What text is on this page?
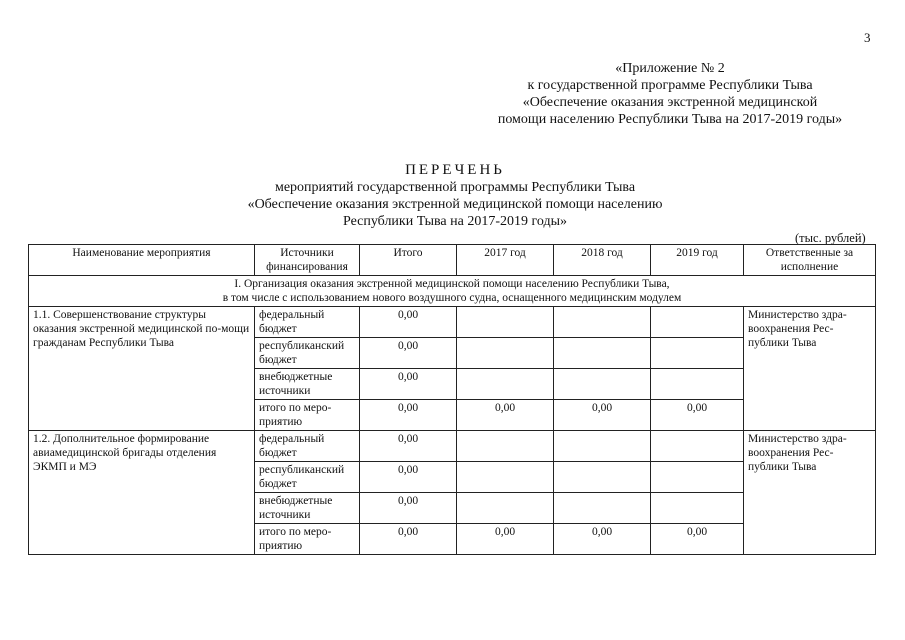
3
«Приложение № 2
к государственной программе Республики Тыва
«Обеспечение оказания экстренной медицинской
помощи населению Республики Тыва на 2017-2019 годы»
ПЕРЕЧЕНЬ
мероприятий государственной программы Республики Тыва
«Обеспечение оказания экстренной медицинской помощи населению
Республики Тыва на 2017-2019 годы»
(тыс. рублей)
Наименование мероприятия	Источники финансирования	Итого	2017 год	2018 год	2019 год	Ответственные за исполнение

I. Организация оказания экстренной медицинской помощи населению Республики Тыва,
в том числе с использованием нового воздушного судна, оснащенного медицинским модулем						

1.1. Совершенствование структуры оказания экстренной медицинской по-мощи гражданам Республики Тыва	федеральный бюджет	0,00				Министерство здра-воохранения Рес-публики Тыва
	республиканский бюджет	0,00				
	внебюджетные источники	0,00				
	итого по меро-приятию	0,00	0,00	0,00	0,00	
1.2. Дополнительное формирование авиамедицинской бригады отделения ЭКМП и МЭ	федеральный бюджет	0,00				Министерство здра-воохранения Рес-публики Тыва
	республиканский бюджет	0,00				
	внебюджетные источники	0,00				
	итого по меро-приятию	0,00	0,00	0,00	0,00	
